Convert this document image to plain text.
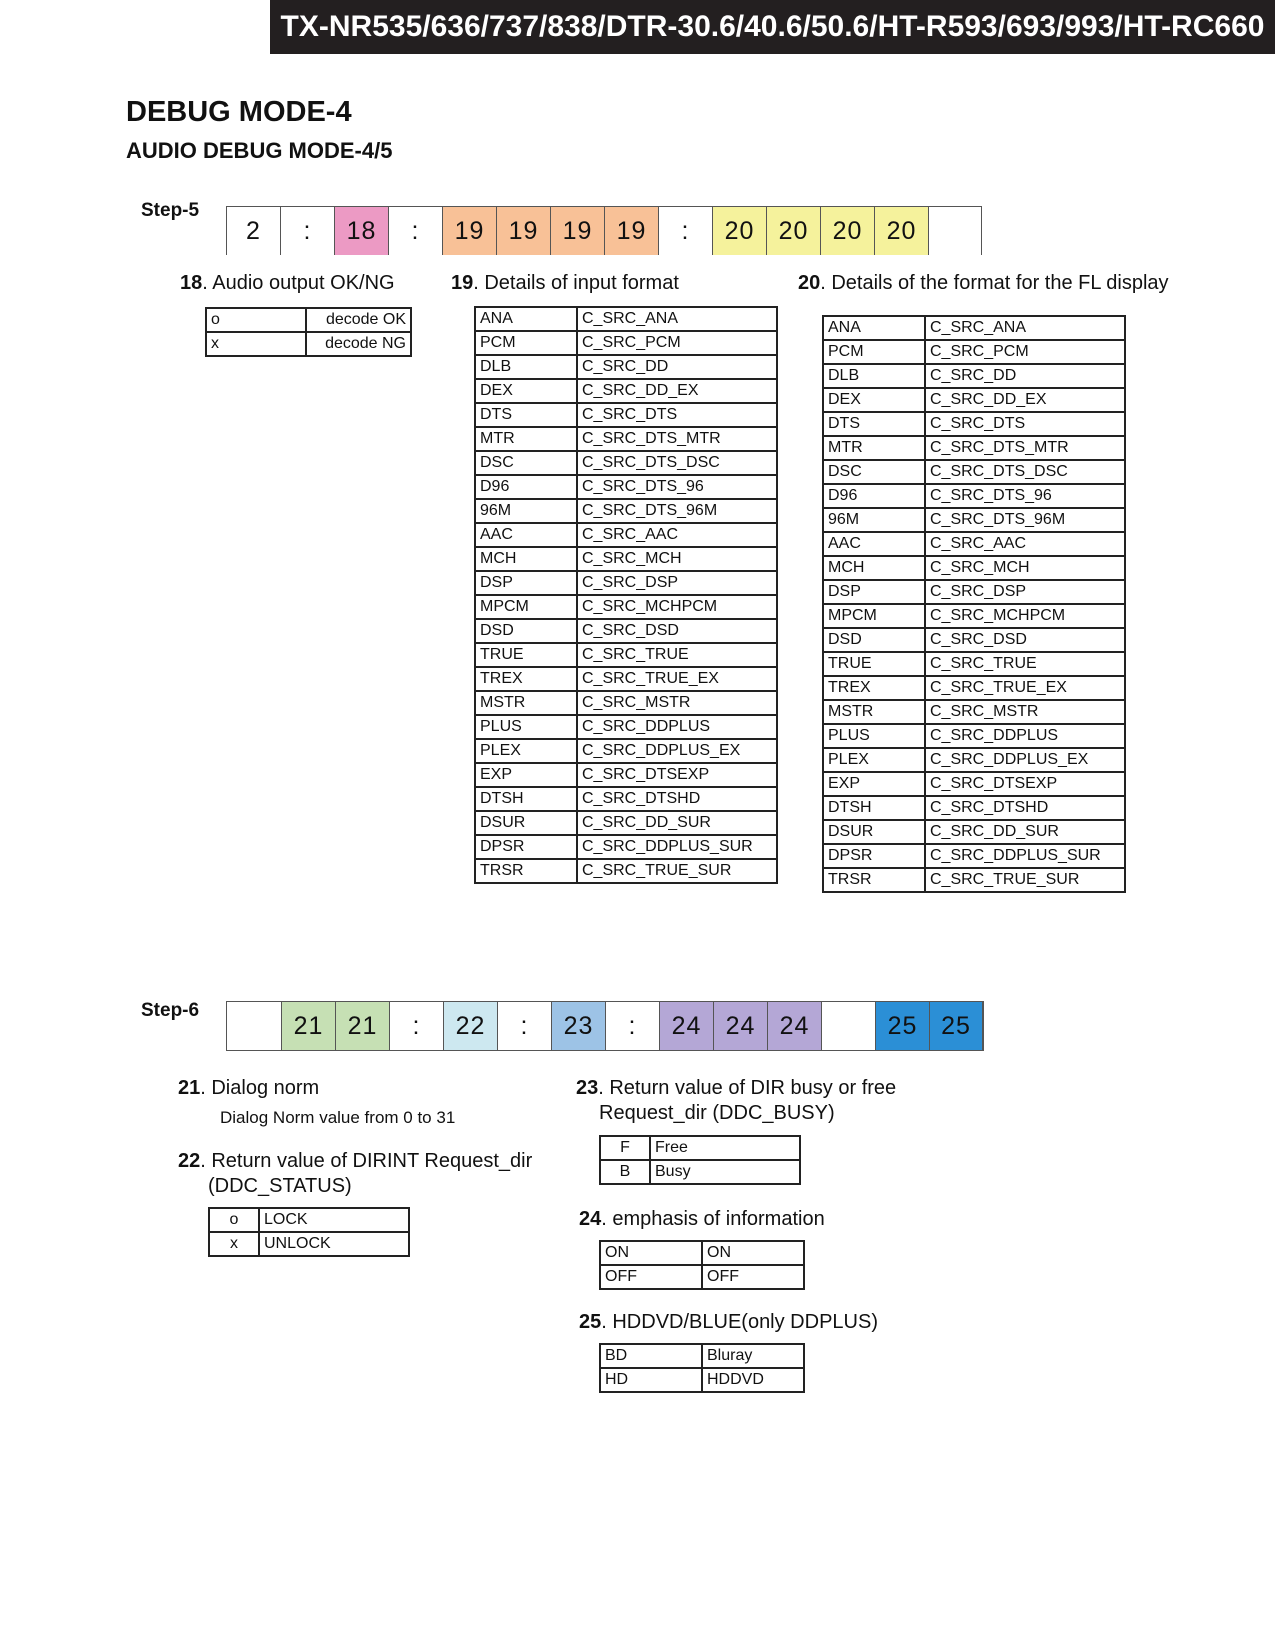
TX-NR535/636/737/838/DTR-30.6/40.6/50.6/HT-R593/693/993/HT-RC660
DEBUG MODE-4
AUDIO DEBUG MODE-4/5
Step-5
2	:	18	:	19 19 19 19	:	20 20 20 20
18. Audio output OK/NG
o	decode OK
x	decode NG
19. Details of input format
ANA	C_SRC_ANA
PCM	C_SRC_PCM
DLB	C_SRC_DD
DEX	C_SRC_DD_EX
DTS	C_SRC_DTS
MTR	C_SRC_DTS_MTR
DSC	C_SRC_DTS_DSC
D96	C_SRC_DTS_96
96M	C_SRC_DTS_96M
AAC	C_SRC_AAC
MCH	C_SRC_MCH
DSP	C_SRC_DSP
MPCM	C_SRC_MCHPCM
DSD	C_SRC_DSD
TRUE	C_SRC_TRUE
TREX	C_SRC_TRUE_EX
MSTR	C_SRC_MSTR
PLUS	C_SRC_DDPLUS
PLEX	C_SRC_DDPLUS_EX
EXP	C_SRC_DTSEXP
DTSH	C_SRC_DTSHD
DSUR	C_SRC_DD_SUR
DPSR	C_SRC_DDPLUS_SUR
TRSR	C_SRC_TRUE_SUR
20. Details of the format for the FL display
ANA	C_SRC_ANA
PCM	C_SRC_PCM
DLB	C_SRC_DD
DEX	C_SRC_DD_EX
DTS	C_SRC_DTS
MTR	C_SRC_DTS_MTR
DSC	C_SRC_DTS_DSC
D96	C_SRC_DTS_96
96M	C_SRC_DTS_96M
AAC	C_SRC_AAC
MCH	C_SRC_MCH
DSP	C_SRC_DSP
MPCM	C_SRC_MCHPCM
DSD	C_SRC_DSD
TRUE	C_SRC_TRUE
TREX	C_SRC_TRUE_EX
MSTR	C_SRC_MSTR
PLUS	C_SRC_DDPLUS
PLEX	C_SRC_DDPLUS_EX
EXP	C_SRC_DTSEXP
DTSH	C_SRC_DTSHD
DSUR	C_SRC_DD_SUR
DPSR	C_SRC_DDPLUS_SUR
TRSR	C_SRC_TRUE_SUR
Step-6
21 21	:	22	:	23	:	24 24 24	25 25
21. Dialog norm
Dialog Norm value from 0 to 31
22. Return value of DIRINT Request_dir
(DDC_STATUS)
o	LOCK
x	UNLOCK
23. Return value of DIR busy or free
Request_dir (DDC_BUSY)
F	Free
B	Busy
24. emphasis of information
ON	ON
OFF	OFF
25. HDDVD/BLUE(only DDPLUS)
BD	Bluray
HD	HDDVD
